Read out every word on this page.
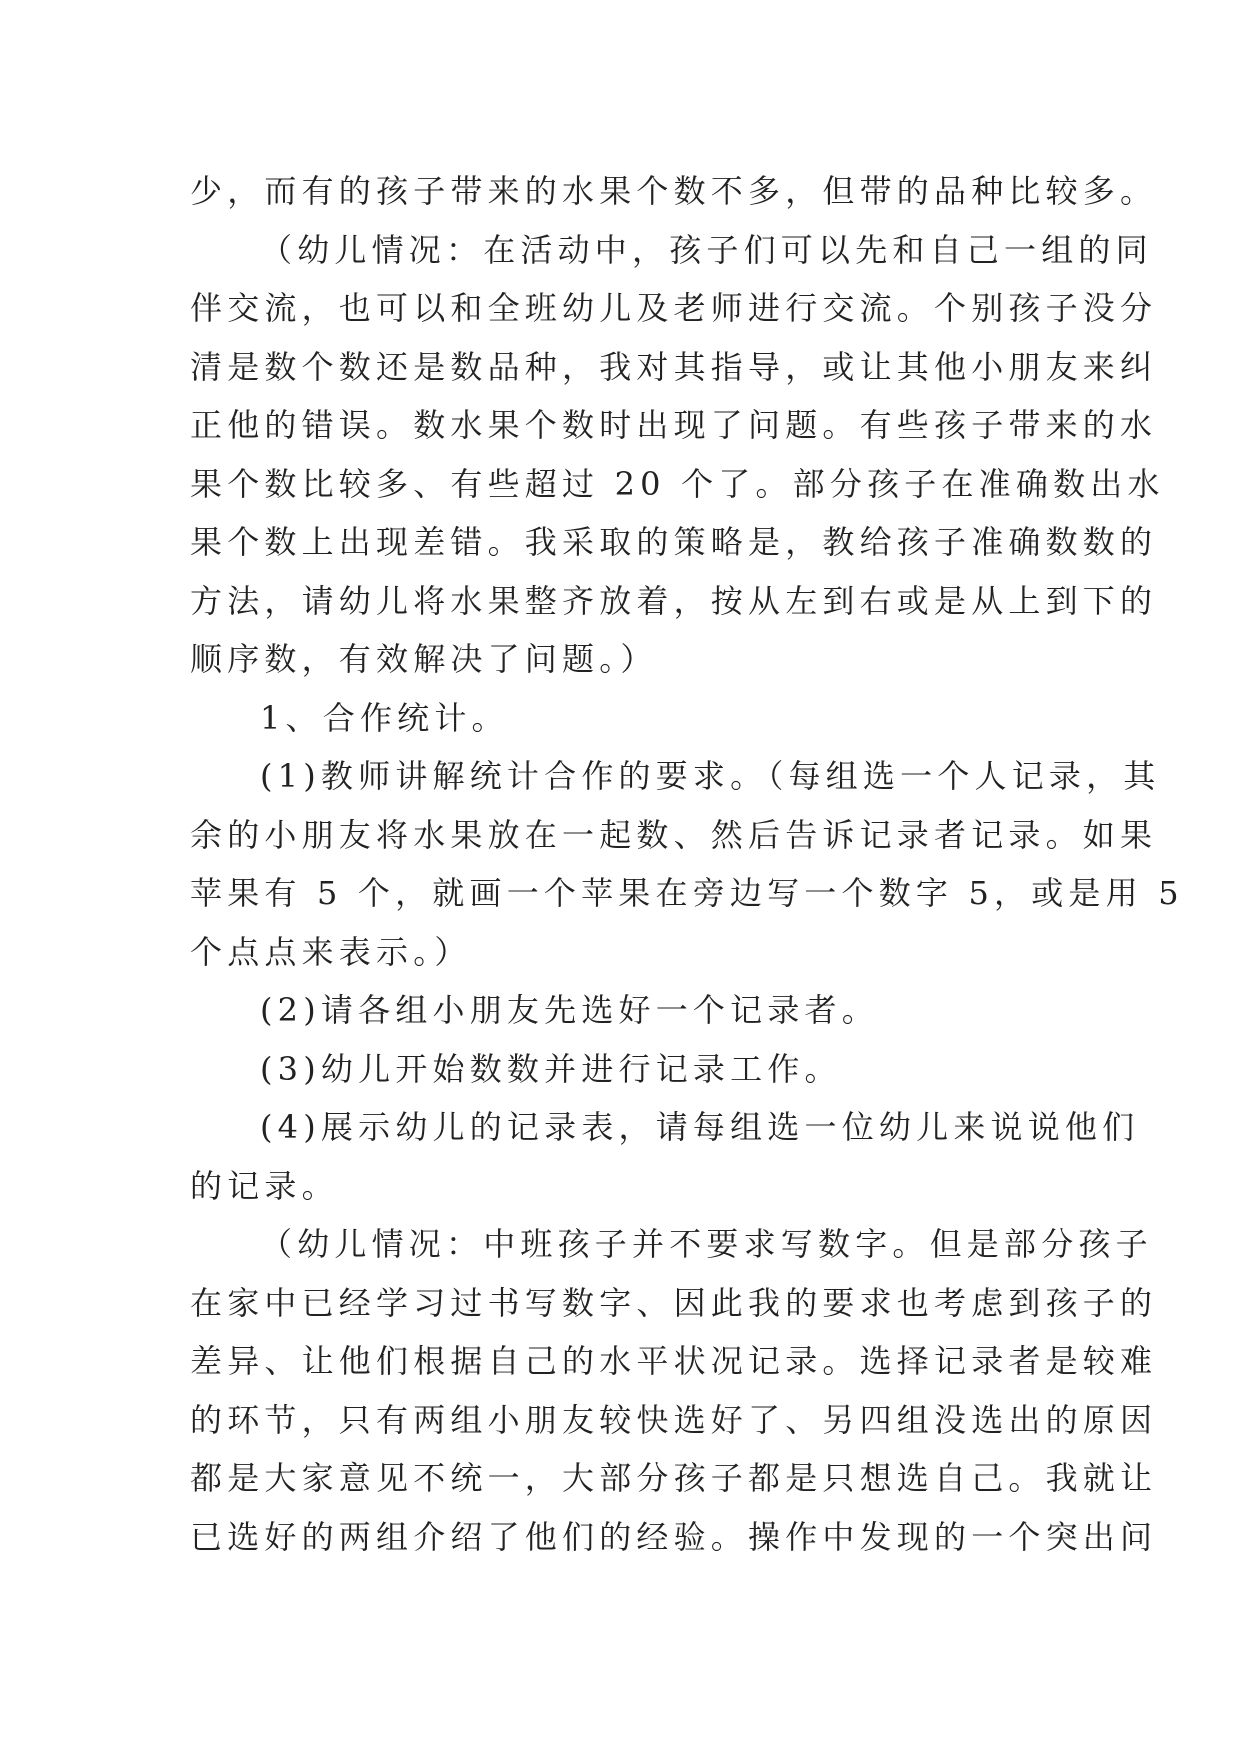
少，而有的孩子带来的水果个数不多，但带的品种比较多。
（幼儿情况：在活动中，孩子们可以先和自己一组的同
伴交流，也可以和全班幼儿及老师进行交流。个别孩子没分
清是数个数还是数品种，我对其指导，或让其他小朋友来纠
正他的错误。数水果个数时出现了问题。有些孩子带来的水
果个数比较多、有些超过 20 个了。部分孩子在准确数出水
果个数上出现差错。我采取的策略是，教给孩子准确数数的
方法，请幼儿将水果整齐放着，按从左到右或是从上到下的
顺序数，有效解决了问题。）
1、合作统计。
(1)教师讲解统计合作的要求。（每组选一个人记录，其
余的小朋友将水果放在一起数、然后告诉记录者记录。如果
苹果有 5 个，就画一个苹果在旁边写一个数字 5，或是用 5
个点点来表示。）
(2)请各组小朋友先选好一个记录者。
(3)幼儿开始数数并进行记录工作。
(4)展示幼儿的记录表，请每组选一位幼儿来说说他们
的记录。
（幼儿情况：中班孩子并不要求写数字。但是部分孩子
在家中已经学习过书写数字、因此我的要求也考虑到孩子的
差异、让他们根据自己的水平状况记录。选择记录者是较难
的环节，只有两组小朋友较快选好了、另四组没选出的原因
都是大家意见不统一，大部分孩子都是只想选自己。我就让
已选好的两组介绍了他们的经验。操作中发现的一个突出问
